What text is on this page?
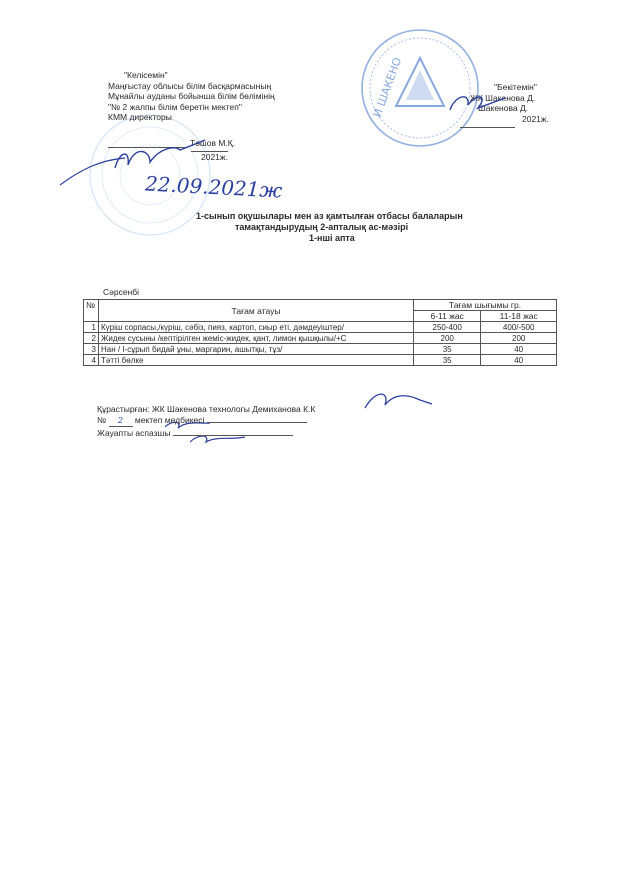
И ШАКЕНО
"Келісемін"
Маңғыстау облысы білім басқармасының
Мұнайлы ауданы бойынша білім бөлімінің
"№ 2 жалпы білім беретін мектеп"
КММ директоры
Тәшов М.Қ.
2021ж.
22.09.2021ж
"Бекітемін"
ЖК Шакенова Д.
Шакенова Д.
2021ж.
1-сынып оқушылары мен аз қамтылған отбасы балаларын
тамақтандырудың 2-апталық ас-мәзірі
1-нші апта
Сәрсенбі
№	Тағам атауы	Тағам шығымы гр.	
		6-11 жас	11-18 жас
1	Күріш сорпасы,/күріш, сәбіз, пияз, картоп, сиыр еті, дәмдеуіштер/	250-400	400/-500
2	Жидек сусыны /кептірілген жеміс-жидек, қант, лимон қышқылы/+С	200	200
3	Нан / I-сұрып бидай ұны, маргарин, ашытқы, тұз/	35	40
4	Тәтті бөлке	35	40
Құрастырған: ЖК Шакенова технологы Демиханова К.К
№ 2 мектеп медбикесі
Жауапты аспазшы
